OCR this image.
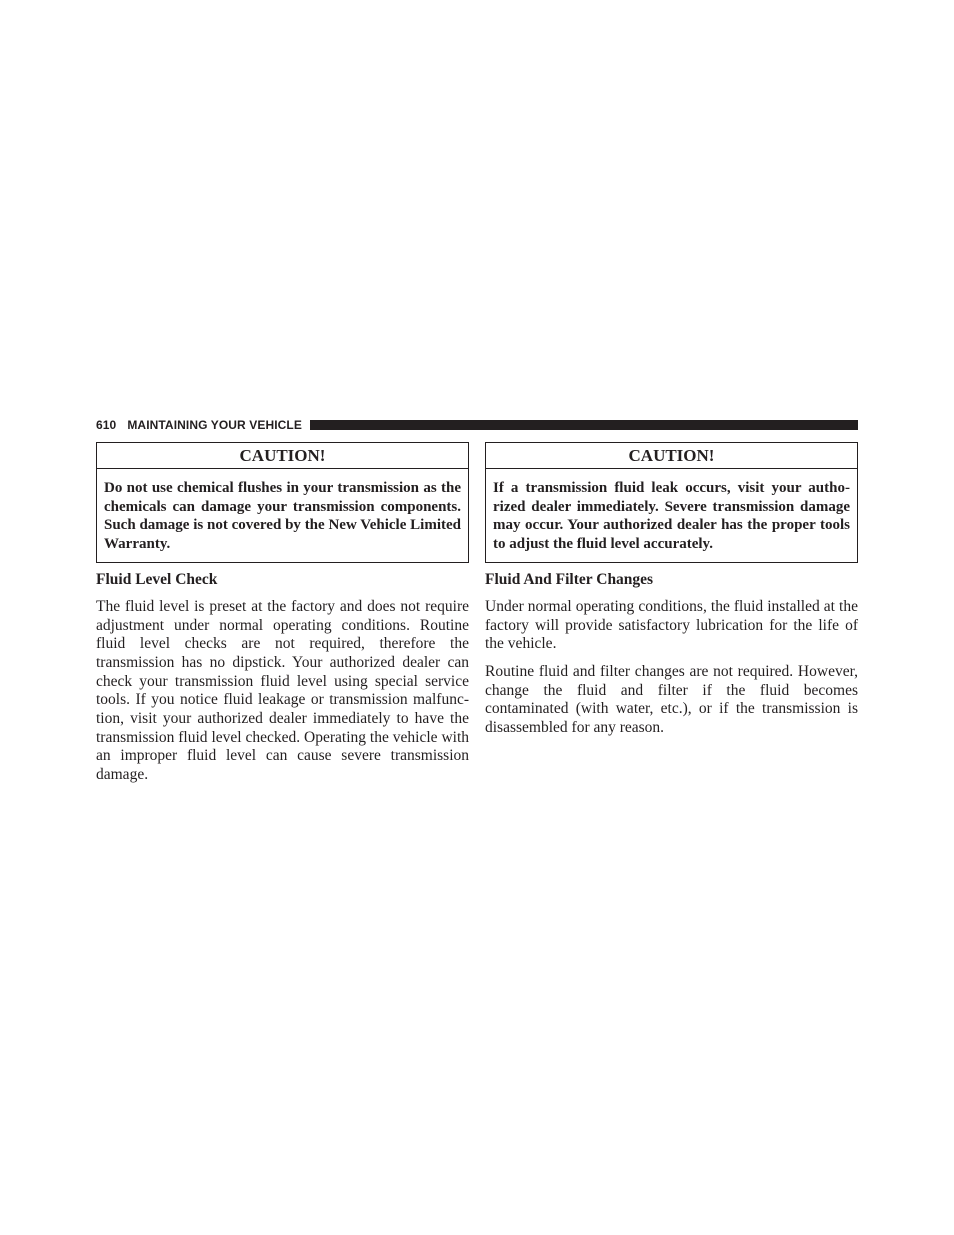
610 MAINTAINING YOUR VEHICLE
CAUTION!
Do not use chemical flushes in your transmission as the chemicals can damage your transmission components. Such damage is not covered by the New Vehicle Limited Warranty.
Fluid Level Check

The fluid level is preset at the factory and does not require adjustment under normal operating conditions. Routine fluid level checks are not required, therefore the transmission has no dipstick. Your authorized dealer can check your transmission fluid level using special service tools. If you notice fluid leakage or transmission malfunction, visit your authorized dealer immediately to have the transmission fluid level checked. Operating the vehicle with an improper fluid level can cause severe transmission damage.

CAUTION!
If a transmission fluid leak occurs, visit your authorized dealer immediately. Severe transmission damage may occur. Your authorized dealer has the proper tools to adjust the fluid level accurately.
Fluid And Filter Changes

Under normal operating conditions, the fluid installed at the factory will provide satisfactory lubrication for the life of the vehicle.

Routine fluid and filter changes are not required. However, change the fluid and filter if the fluid becomes contaminated (with water, etc.), or if the transmission is disassembled for any reason.
